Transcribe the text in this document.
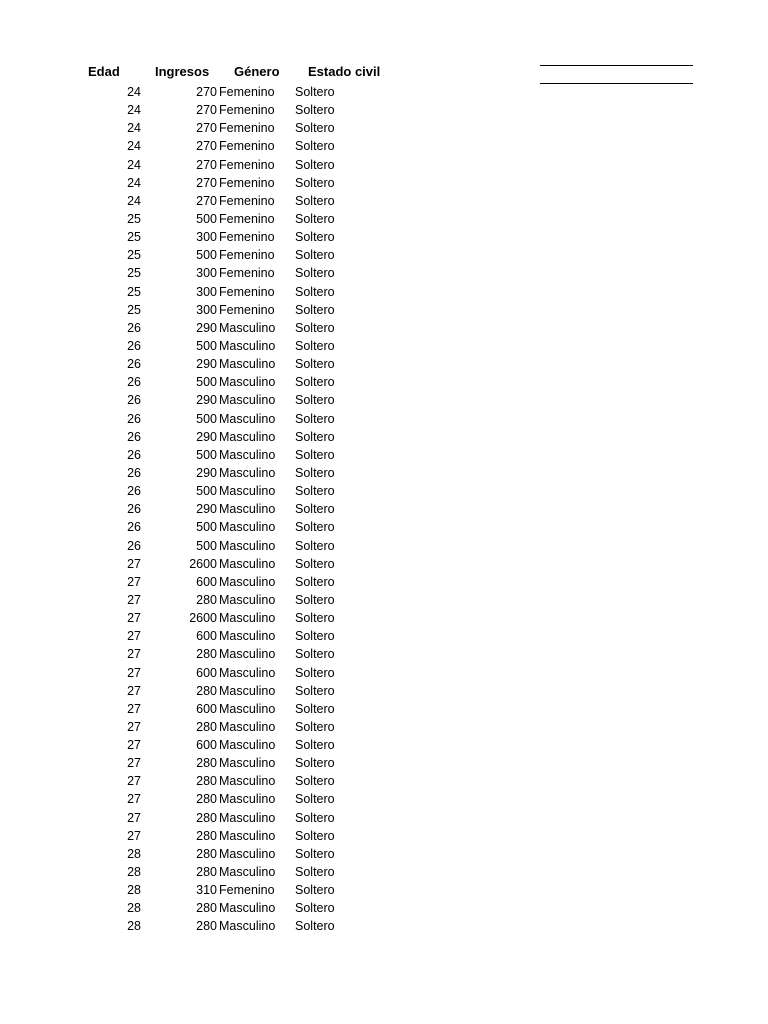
Edad	Ingresos Género Estado civil
24	270 Femenino Soltero
24	270 Femenino Soltero
24	270 Femenino Soltero
24	270 Femenino Soltero
24	270 Femenino Soltero
24	270 Femenino Soltero
24	270 Femenino Soltero
25	500 Femenino Soltero
25	300 Femenino Soltero
25	500 Femenino Soltero
25	300 Femenino Soltero
25	300 Femenino Soltero
25	300 Femenino Soltero
26	290 Masculino Soltero
26	500 Masculino Soltero
26	290 Masculino Soltero
26	500 Masculino Soltero
26	290 Masculino Soltero
26	500 Masculino Soltero
26	290 Masculino Soltero
26	500 Masculino Soltero
26	290 Masculino Soltero
26	500 Masculino Soltero
26	290 Masculino Soltero
26	500 Masculino Soltero
26	500 Masculino Soltero
27	2600 Masculino Soltero
27	600 Masculino Soltero
27	280 Masculino Soltero
27	2600 Masculino Soltero
27	600 Masculino Soltero
27	280 Masculino Soltero
27	600 Masculino Soltero
27	280 Masculino Soltero
27	600 Masculino Soltero
27	280 Masculino Soltero
27	600 Masculino Soltero
27	280 Masculino Soltero
27	280 Masculino Soltero
27	280 Masculino Soltero
27	280 Masculino Soltero
27	280 Masculino Soltero
28	280 Masculino Soltero
28	280 Masculino Soltero
28	310 Femenino Soltero
28	280 Masculino Soltero
28	280 Masculino Soltero
